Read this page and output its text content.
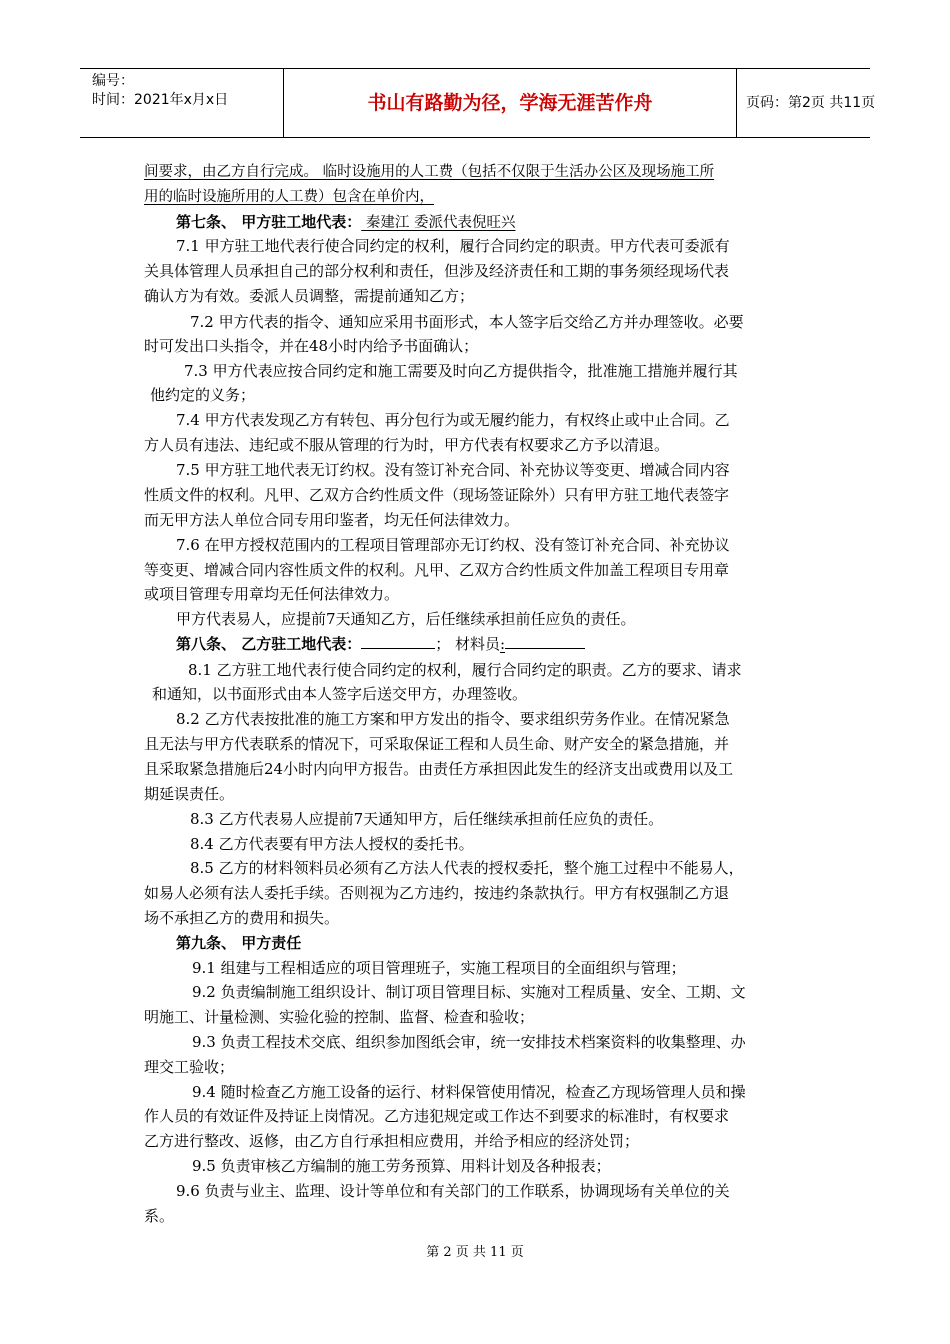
编号：
时间：2021年x月x日	书山有路勤为径，学海无涯苦作舟	页码：第2页 共11页
间要求，由乙方自行完成。 临时设施用的人工费（包括不仅限于生活办公区及现场施工所
用的临时设施所用的人工费）包含在单价内，
第七条、 甲方驻工地代表： 秦建江 委派代表倪旺兴
7.1 甲方驻工地代表行使合同约定的权利，履行合同约定的职责。甲方代表可委派有
关具体管理人员承担自己的部分权利和责任，但涉及经济责任和工期的事务须经现场代表
确认方为有效。委派人员调整，需提前通知乙方；
7.2 甲方代表的指令、通知应采用书面形式，本人签字后交给乙方并办理签收。必要
时可发出口头指令，并在48小时内给予书面确认；
7.3 甲方代表应按合同约定和施工需要及时向乙方提供指令，批准施工措施并履行其
他约定的义务；
7.4 甲方代表发现乙方有转包、再分包行为或无履约能力，有权终止或中止合同。乙
方人员有违法、违纪或不服从管理的行为时，甲方代表有权要求乙方予以清退。
7.5 甲方驻工地代表无订约权。没有签订补充合同、补充协议等变更、增减合同内容
性质文件的权利。凡甲、乙双方合约性质文件（现场签证除外）只有甲方驻工地代表签字
而无甲方法人单位合同专用印鉴者，均无任何法律效力。
7.6 在甲方授权范围内的工程项目管理部亦无订约权、没有签订补充合同、补充协议
等变更、增减合同内容性质文件的权利。凡甲、乙双方合约性质文件加盖工程项目专用章
或项目管理专用章均无任何法律效力。
甲方代表易人，应提前7天通知乙方，后任继续承担前任应负的责任。
第八条、 乙方驻工地代表：	； 材料员:
8.1 乙方驻工地代表行使合同约定的权利，履行合同约定的职责。乙方的要求、请求
和通知，以书面形式由本人签字后送交甲方，办理签收。
8.2 乙方代表按批准的施工方案和甲方发出的指令、要求组织劳务作业。在情况紧急
且无法与甲方代表联系的情况下，可采取保证工程和人员生命、财产安全的紧急措施，并
且采取紧急措施后24小时内向甲方报告。由责任方承担因此发生的经济支出或费用以及工
期延误责任。
8.3 乙方代表易人应提前7天通知甲方，后任继续承担前任应负的责任。
8.4 乙方代表要有甲方法人授权的委托书。
8.5 乙方的材料领料员必须有乙方法人代表的授权委托，整个施工过程中不能易人，
如易人必须有法人委托手续。否则视为乙方违约，按违约条款执行。甲方有权强制乙方退
场不承担乙方的费用和损失。
第九条、 甲方责任
9.1 组建与工程相适应的项目管理班子，实施工程项目的全面组织与管理；
9.2 负责编制施工组织设计、制订项目管理目标、实施对工程质量、安全、工期、文
明施工、计量检测、实验化验的控制、监督、检查和验收；
9.3 负责工程技术交底、组织参加图纸会审，统一安排技术档案资料的收集整理、办
理交工验收；
9.4 随时检查乙方施工设备的运行、材料保管使用情况，检查乙方现场管理人员和操
作人员的有效证件及持证上岗情况。乙方违犯规定或工作达不到要求的标准时，有权要求
乙方进行整改、返修，由乙方自行承担相应费用，并给予相应的经济处罚；
9.5 负责审核乙方编制的施工劳务预算、用料计划及各种报表；
9.6 负责与业主、监理、设计等单位和有关部门的工作联系，协调现场有关单位的关
系。
第 2 页 共 11 页
